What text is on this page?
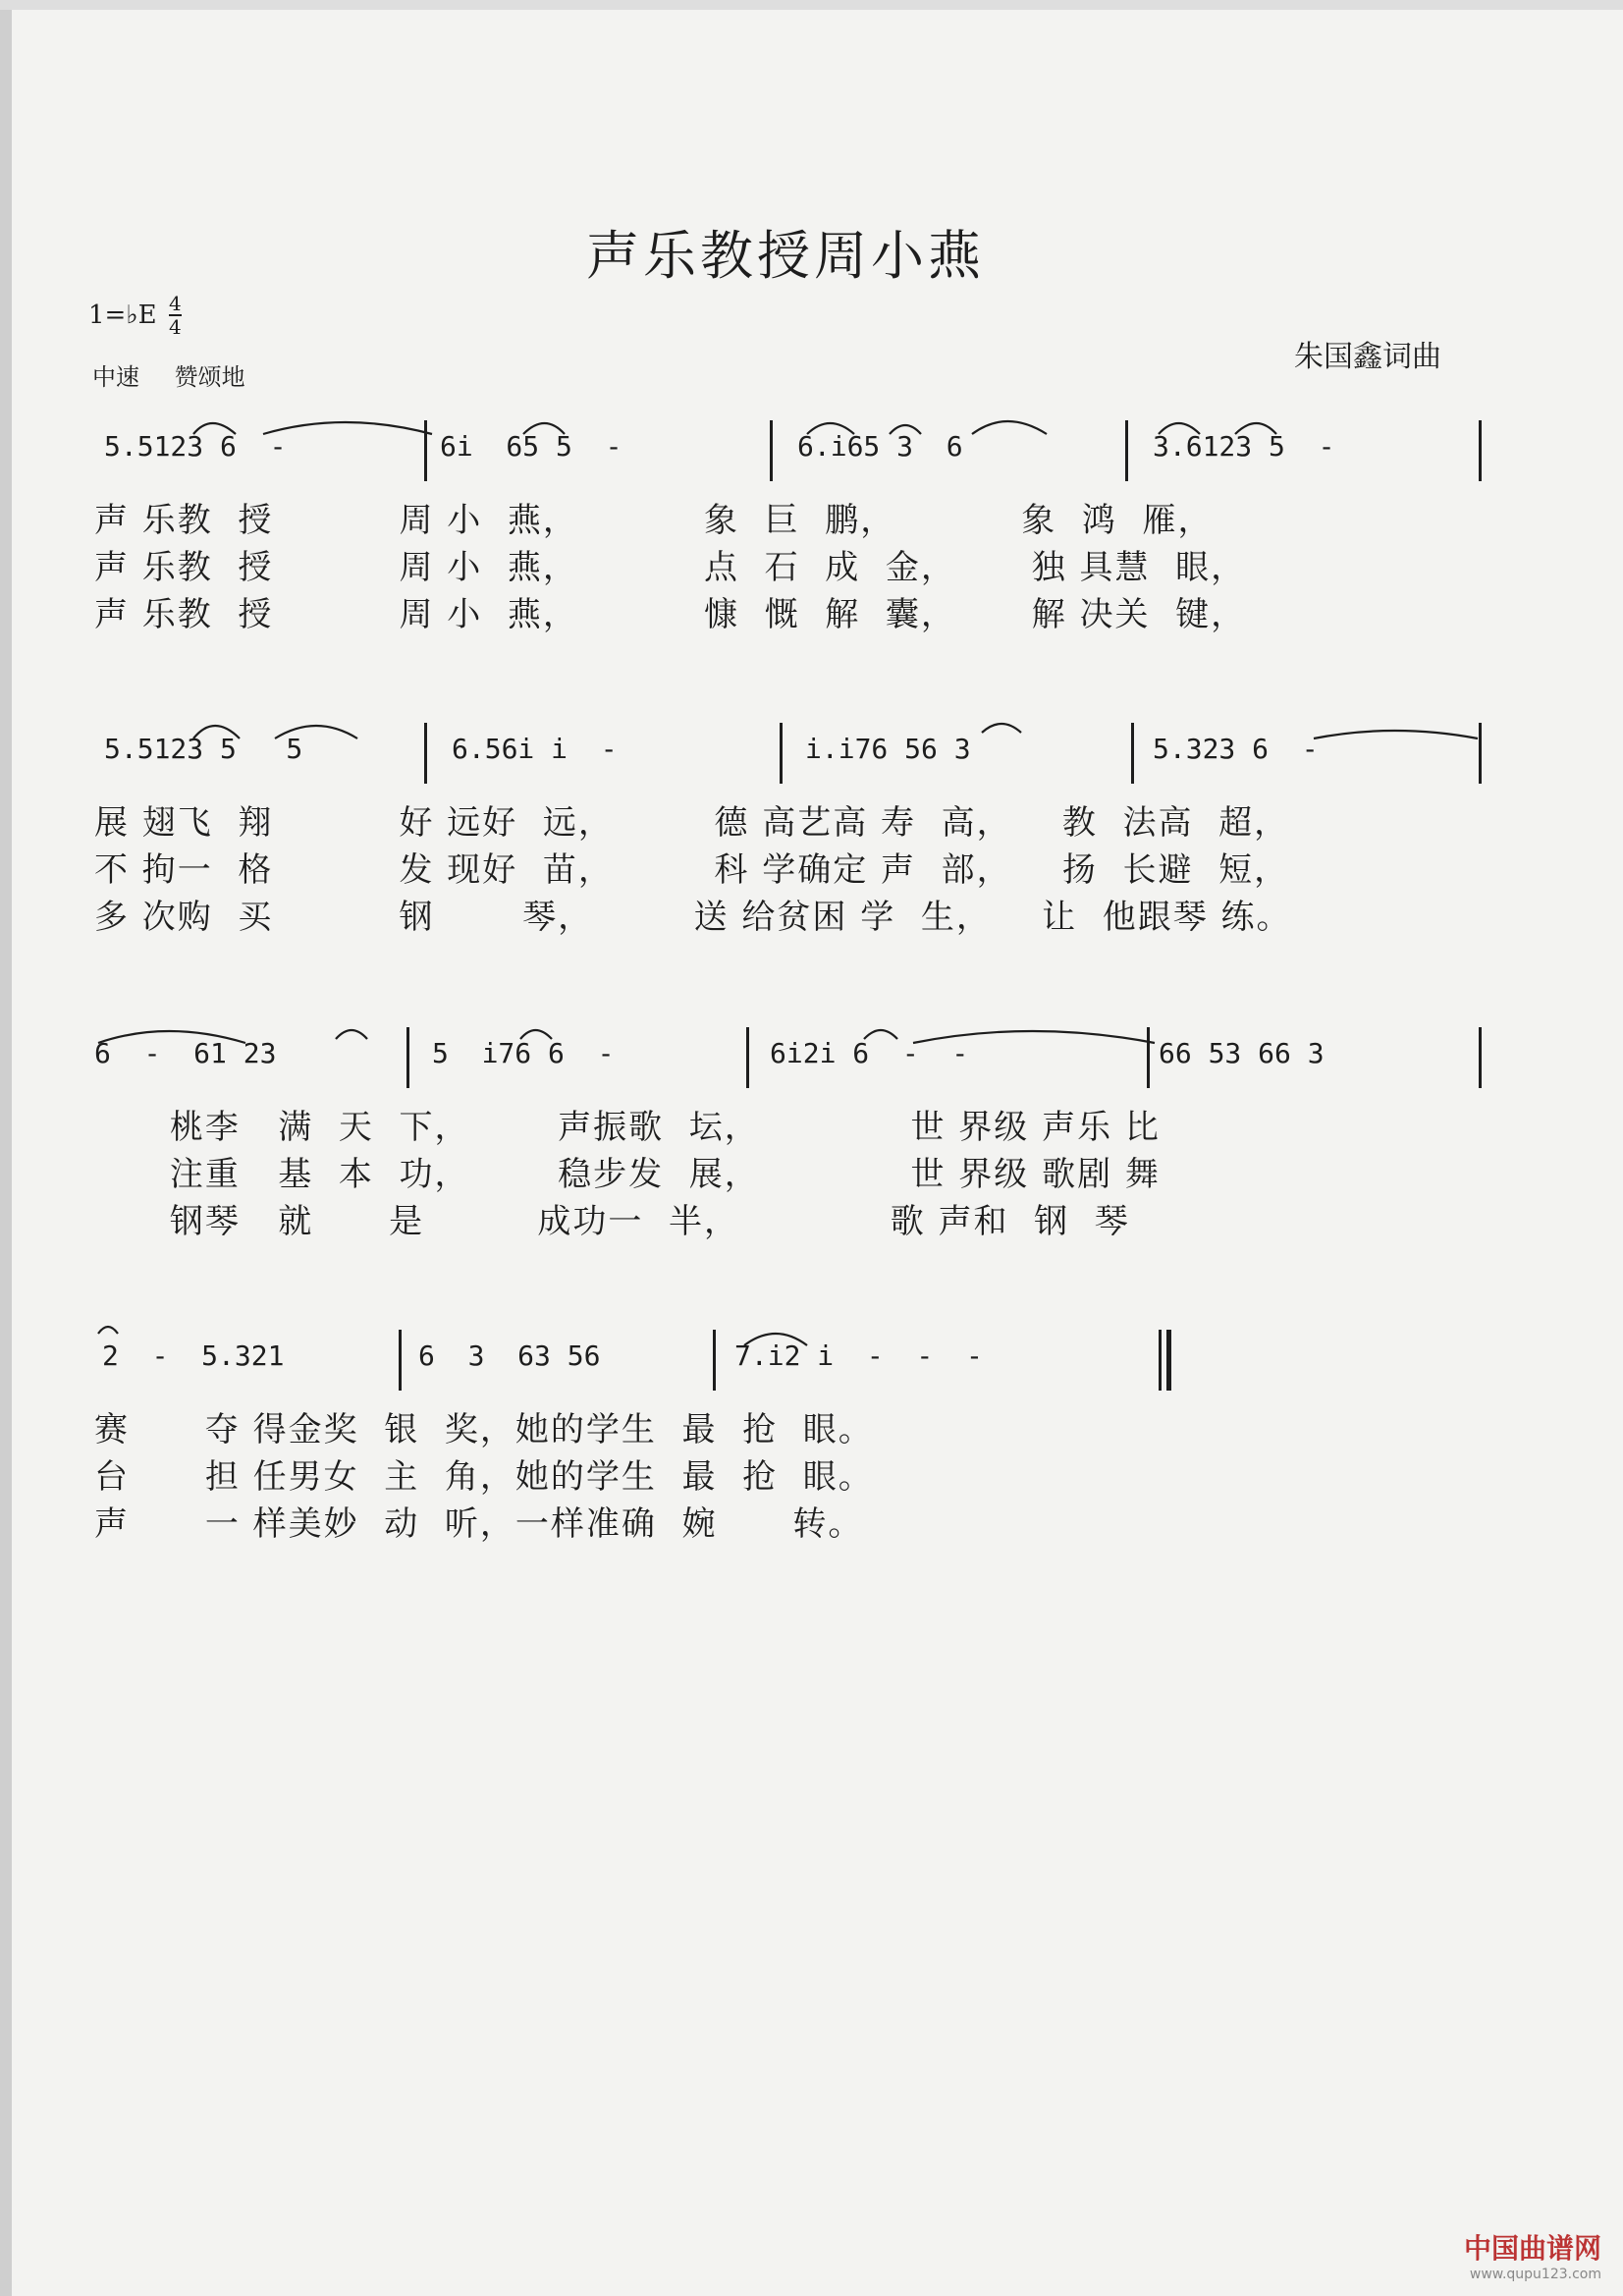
声乐教授周小燕
1=♭E 4
4
中速 赞颂地
朱国鑫词曲
5.5123 6  -	6i  65 5  -	6.i65 3  6	3.6123 5  -
声 乐教  授          周 小  燕，          象  巨  鹏，          象  鸿  雁，
声 乐教  授          周 小  燕，          点  石  成  金，      独 具慧  眼，
声 乐教  授          周 小  燕，          慷  慨  解  囊，      解 决关  键，
5.5123 5   5	6.56i i  -	i.i76 56 3	5.323 6  -
展 翅飞  翔          好 远好  远，        德 高艺高 寿  高，    教  法高  超，
不 拘一  格          发 现好  苗，        科 学确定 声  部，    扬  长避  短，
多 次购  买          钢       琴，        送 给贫困 学  生，    让  他跟琴 练。
6  -  61 23	5  i76 6  -	6i2i 6  -  -	66 53 66 3
桃李   满  天  下，       声振歌  坛，            世 界级 声乐 比
注重   基  本  功，       稳步发  展，            世 界级 歌剧 舞
钢琴   就      是         成功一  半，            歌 声和  钢  琴
2  -  5.321	6  3  63 56	7.i2 i  -  -  -
赛      夺 得金奖  银  奖，她的学生  最  抢  眼。
台      担 任男女  主  角，她的学生  最  抢  眼。
声      一 样美妙  动  听，一样准确  婉      转。
中国曲谱网
www.qupu123.com
